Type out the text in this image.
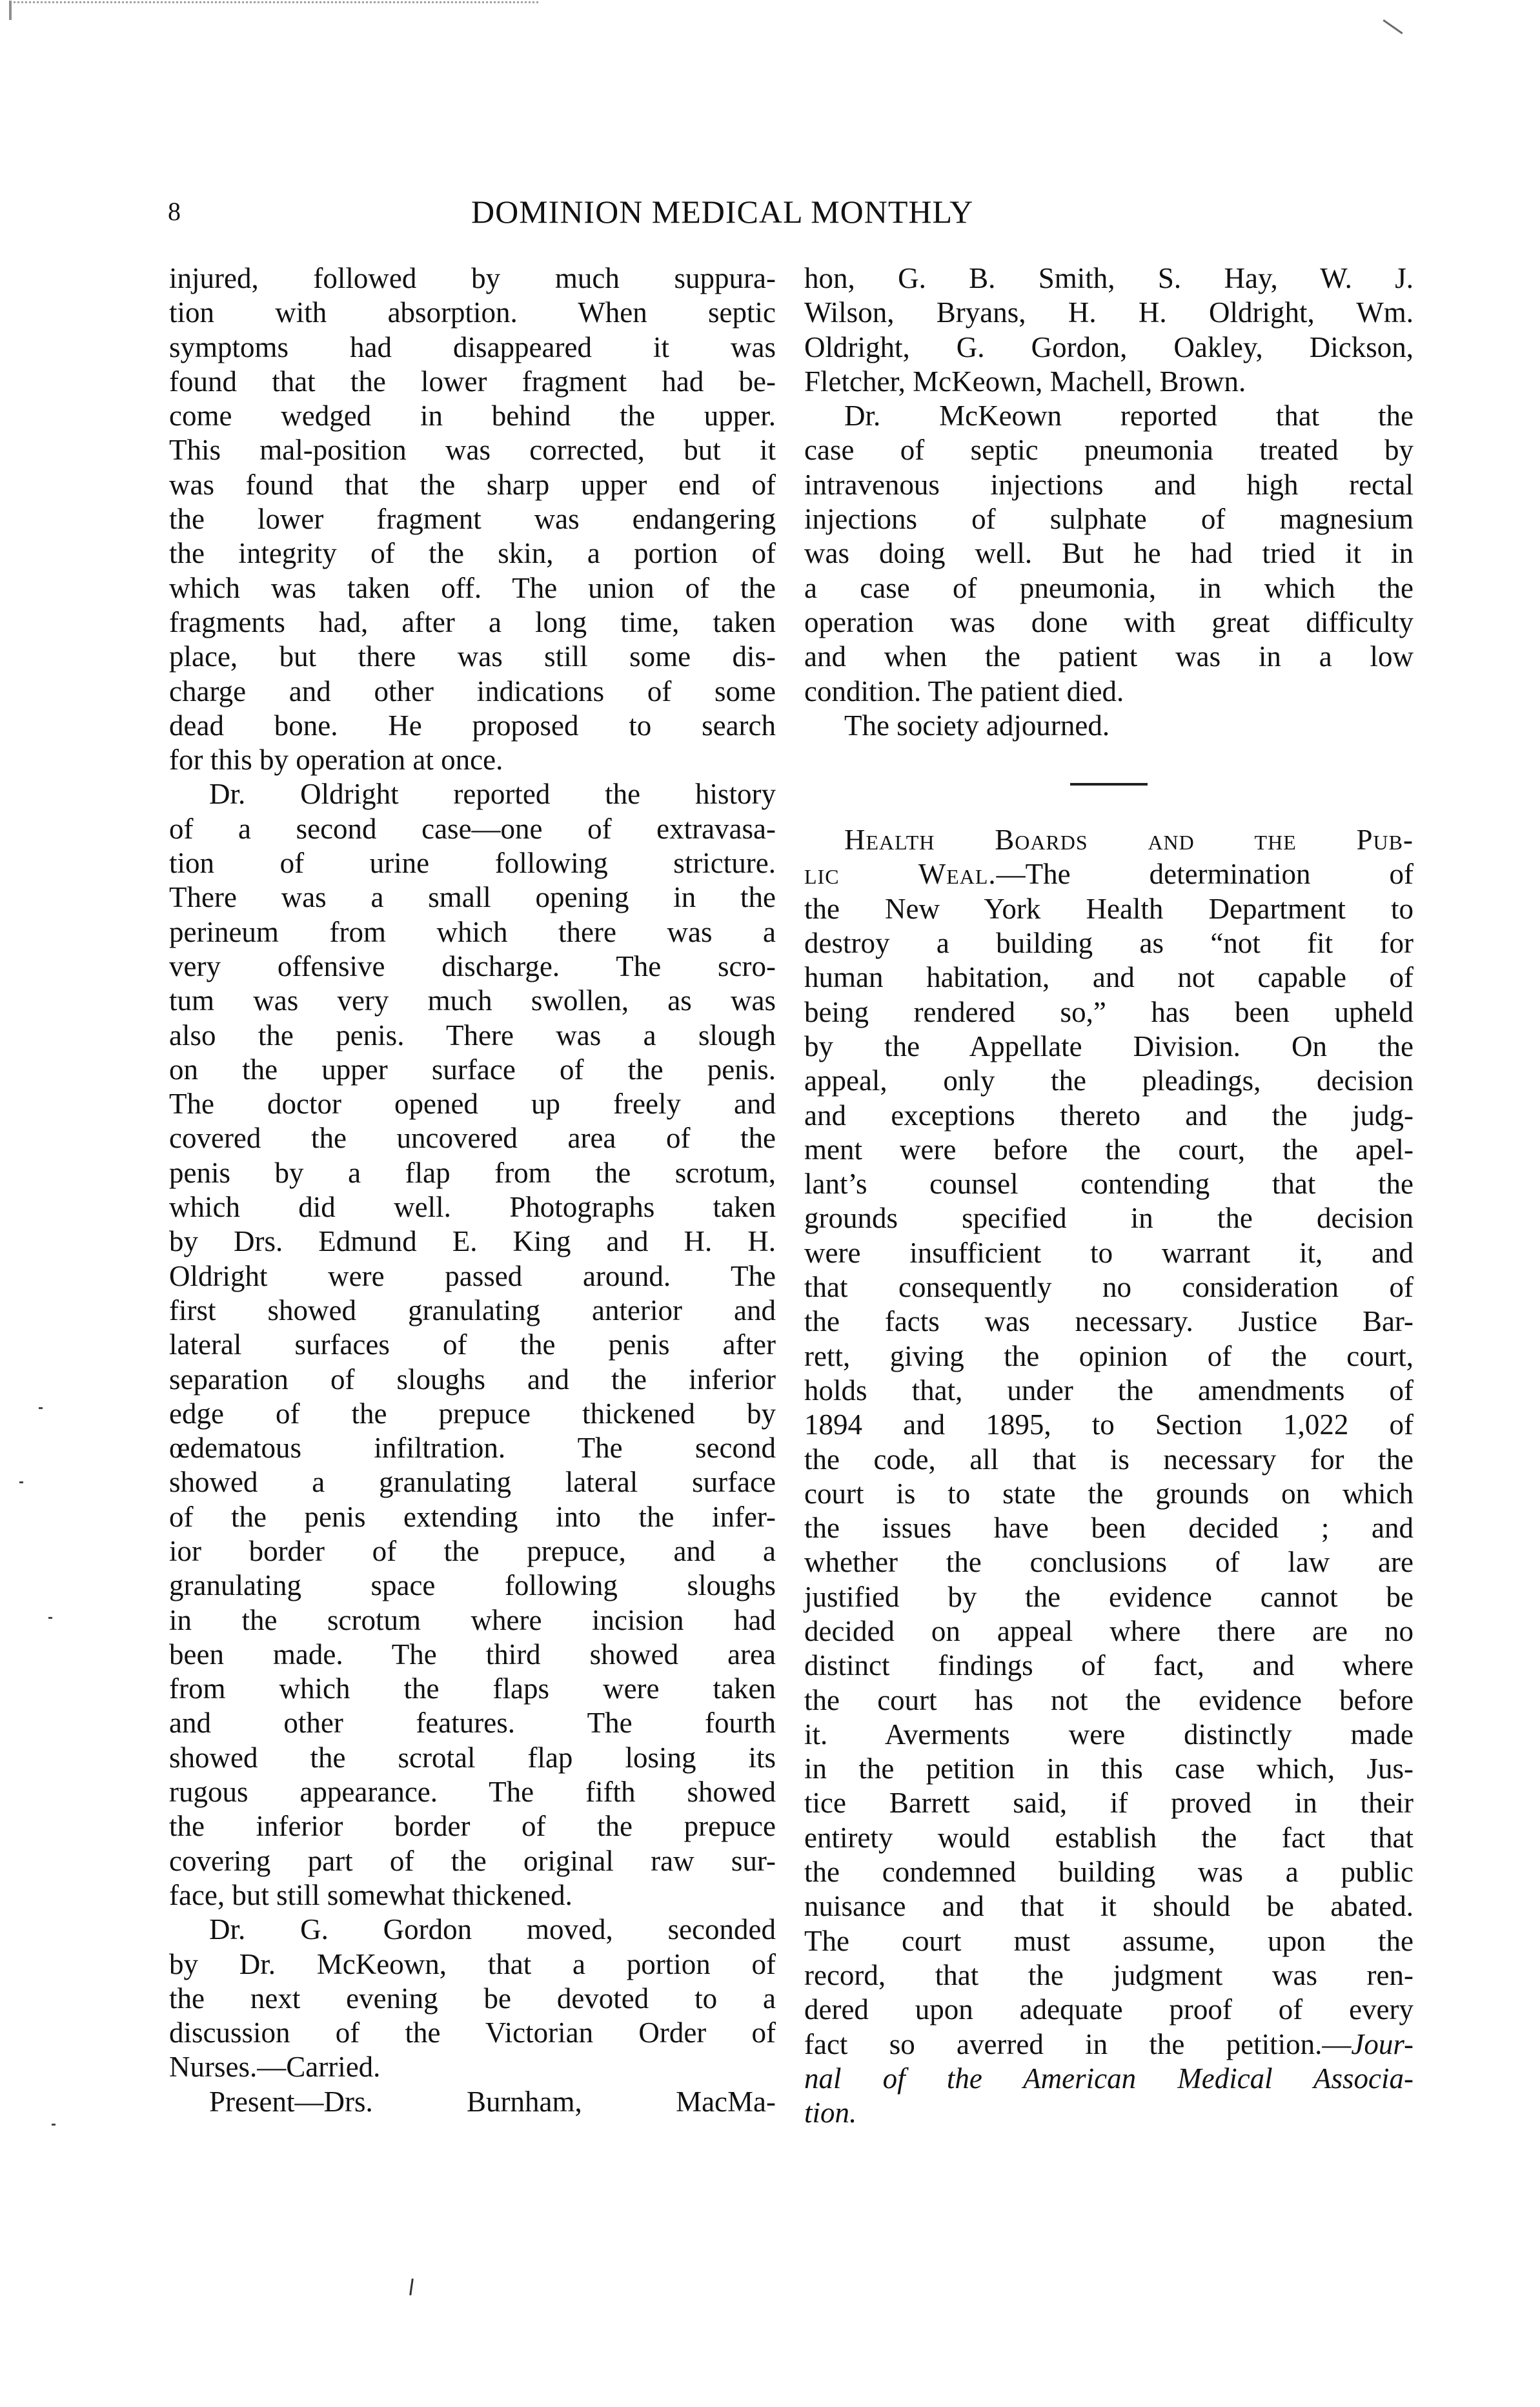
8	DOMINION MEDICAL MONTHLY

injured, followed by much suppura-
tion with absorption. When septic
symptoms had disappeared it was
found that the lower fragment had be-
come wedged in behind the upper.
This mal-position was corrected, but it
was found that the sharp upper end of
the lower fragment was endangering
the integrity of the skin, a portion of
which was taken off. The union of the
fragments had, after a long time, taken
place, but there was still some dis-
charge and other indications of some
dead bone. He proposed to search
for this by operation at once.

Dr. Oldright reported the history
of a second case—one of extravasa-
tion of urine following stricture.
There was a small opening in the
perineum from which there was a
very offensive discharge. The scro-
tum was very much swollen, as was
also the penis. There was a slough
on the upper surface of the penis.
The doctor opened up freely and
covered the uncovered area of the
penis by a flap from the scrotum,
which did well. Photographs taken
by Drs. Edmund E. King and H. H.
Oldright were passed around. The
first showed granulating anterior and
lateral surfaces of the penis after
separation of sloughs and the inferior
edge of the prepuce thickened by
œdematous infiltration. The second
showed a granulating lateral surface
of the penis extending into the infer-
ior border of the prepuce, and a
granulating space following sloughs
in the scrotum where incision had
been made. The third showed area
from which the flaps were taken
and other features. The fourth
showed the scrotal flap losing its
rugous appearance. The fifth showed
the inferior border of the prepuce
covering part of the original raw sur-
face, but still somewhat thickened.

Dr. G. Gordon moved, seconded
by Dr. McKeown, that a portion of
the next evening be devoted to a
discussion of the Victorian Order of
Nurses.—Carried.

Present—Drs. Burnham, MacMa-

hon, G. B. Smith, S. Hay, W. J.
Wilson, Bryans, H. H. Oldright, Wm.
Oldright, G. Gordon, Oakley, Dickson,
Fletcher, McKeown, Machell, Brown.

Dr. McKeown reported that the
case of septic pneumonia treated by
intravenous injections and high rectal
injections of sulphate of magnesium
was doing well. But he had tried it in
a case of pneumonia, in which the
operation was done with great difficulty
and when the patient was in a low
condition. The patient died.

The society adjourned.

Health Boards and the Pub-
lic Weal.—The determination of
the New York Health Department to
destroy a building as “not fit for
human habitation, and not capable of
being rendered so,” has been upheld
by the Appellate Division. On the
appeal, only the pleadings, decision
and exceptions thereto and the judg-
ment were before the court, the apel-
lant’s counsel contending that the
grounds specified in the decision
were insufficient to warrant it, and
that consequently no consideration of
the facts was necessary. Justice Bar-
rett, giving the opinion of the court,
holds that, under the amendments of
1894 and 1895, to Section 1,022 of
the code, all that is necessary for the
court is to state the grounds on which
the issues have been decided ; and
whether the conclusions of law are
justified by the evidence cannot be
decided on appeal where there are no
distinct findings of fact, and where
the court has not the evidence before
it. Averments were distinctly made
in the petition in this case which, Jus-
tice Barrett said, if proved in their
entirety would establish the fact that
the condemned building was a public
nuisance and that it should be abated.
The court must assume, upon the
record, that the judgment was ren-
dered upon adequate proof of every
fact so averred in the petition.—Jour-
nal of the American Medical Associa-
tion.
